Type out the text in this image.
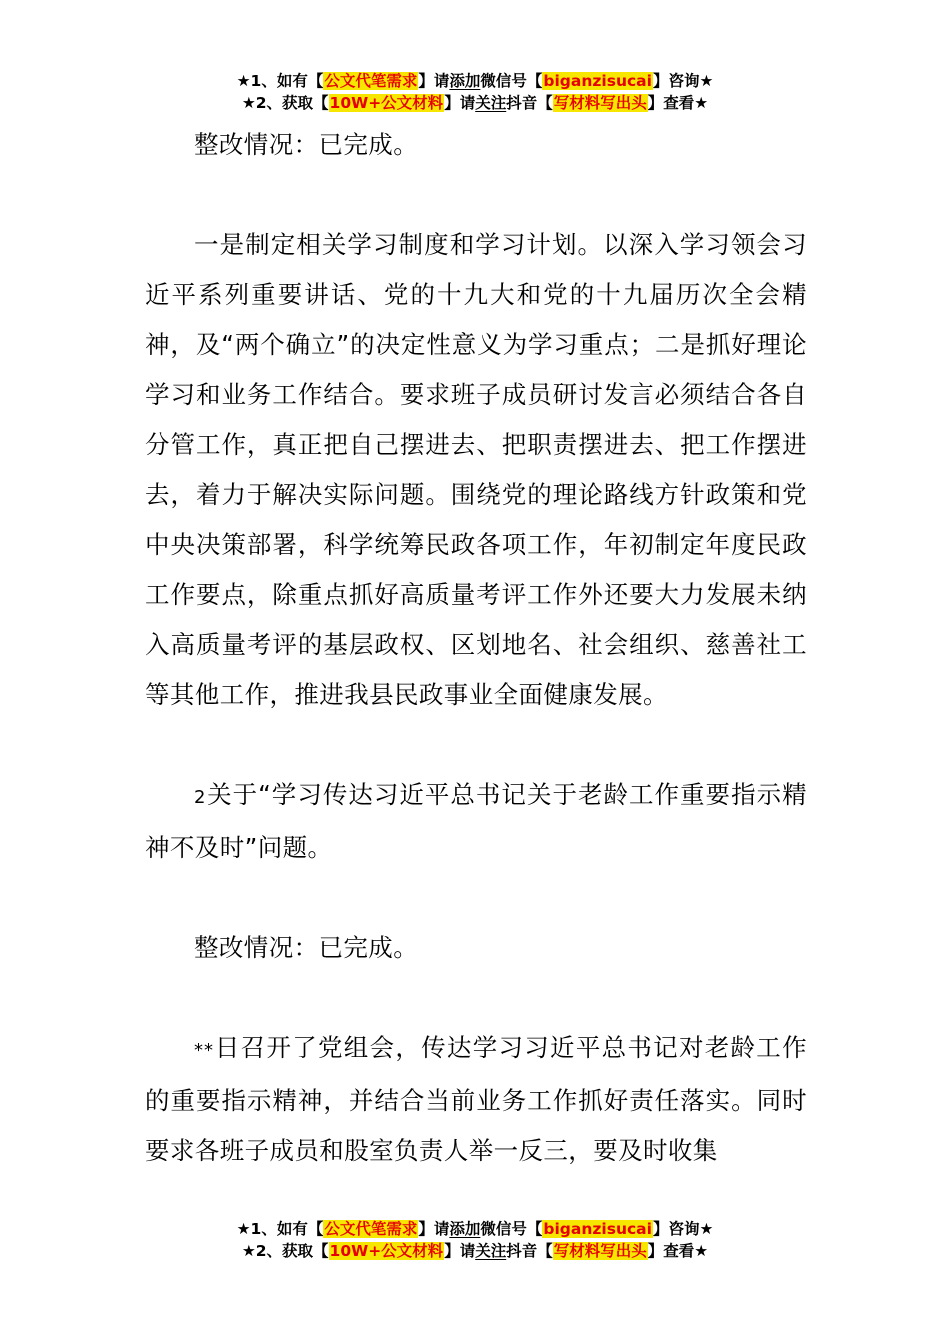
★1、如有【公文代笔需求】请添加微信号【biganzisucai】咨询★
★2、获取【10W+公文材料】请关注抖音【写材料写出头】查看★

整改情况：已完成。

一是制定相关学习制度和学习计划。以深入学习领会习近平系列重要讲话、党的十九大和党的十九届历次全会精神，及“两个确立”的决定性意义为学习重点；二是抓好理论学习和业务工作结合。要求班子成员研讨发言必须结合各自分管工作，真正把自己摆进去、把职责摆进去、把工作摆进去，着力于解决实际问题。围绕党的理论路线方针政策和党中央决策部署，科学统筹民政各项工作，年初制定年度民政工作要点，除重点抓好高质量考评工作外还要大力发展未纳入高质量考评的基层政权、区划地名、社会组织、慈善社工等其他工作，推进我县民政事业全面健康发展。

2关于“学习传达习近平总书记关于老龄工作重要指示精神不及时”问题。

整改情况：已完成。

**日召开了党组会，传达学习习近平总书记对老龄工作的重要指示精神，并结合当前业务工作抓好责任落实。同时要求各班子成员和股室负责人举一反三，要及时收集

★1、如有【公文代笔需求】请添加微信号【biganzisucai】咨询★
★2、获取【10W+公文材料】请关注抖音【写材料写出头】查看★
